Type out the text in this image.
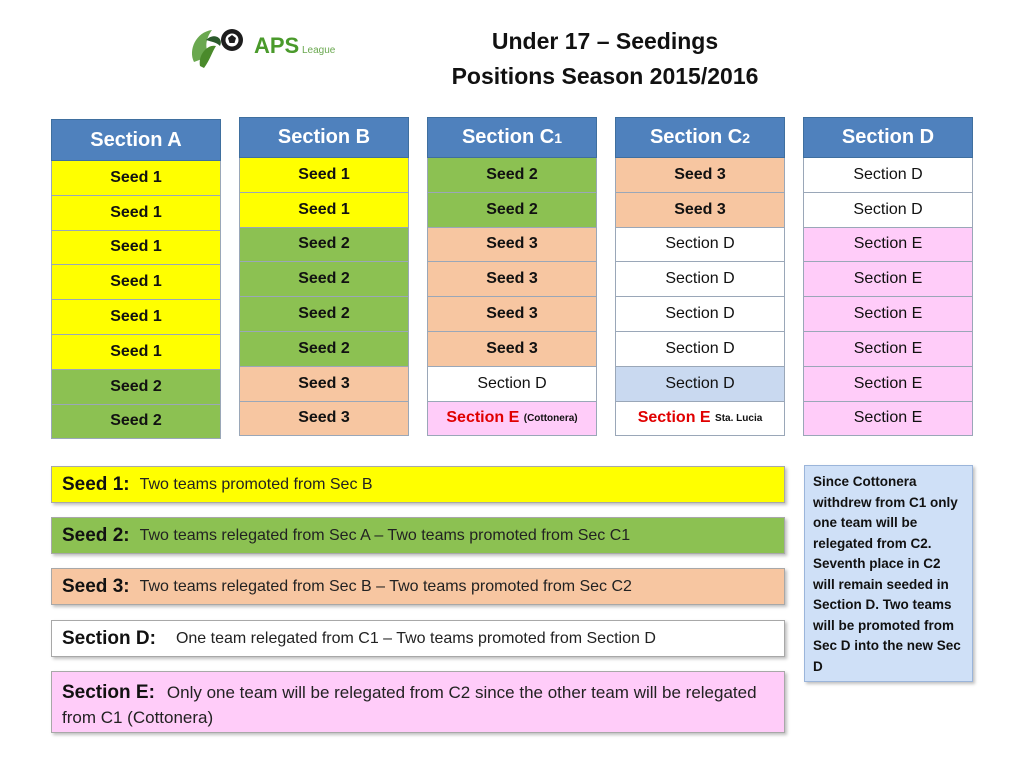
APS League	Under 17 – Seedings
Positions Season 2015/2016
Section A
Seed 1
Seed 1
Seed 1
Seed 1
Seed 1
Seed 1
Seed 2
Seed 2
Section B
Seed 1
Seed 1
Seed 2
Seed 2
Seed 2
Seed 2
Seed 3
Seed 3
Section C 1
Seed 2
Seed 2
Seed 3
Seed 3
Seed 3
Seed 3
Section D
Section E
(Cottonera)
Section C 2
Seed 3
Seed 3
Section D
Section D
Section D
Section D
Section D
Section E
Sta. Lucia
Section D
Section D
Section D
Section E
Section E
Section E
Section E
Section E
Section E
Seed 1: Two teams promoted from Sec B
Seed 2: Two teams relegated from Sec A – Two teams promoted from Sec C1
Seed 3: Two teams relegated from Sec B – Two teams promoted from Sec C2
Section D: One team relegated from C1 – Two teams promoted from Section D
Section E: Only one team will be relegated from C2 since the other team will be relegated from C1 (Cottonera)
Since Cottonera withdrew from C1 only one team will be relegated from C2. Seventh place in C2 will remain seeded in Section D. Two teams will be promoted from Sec D into the new Sec D
